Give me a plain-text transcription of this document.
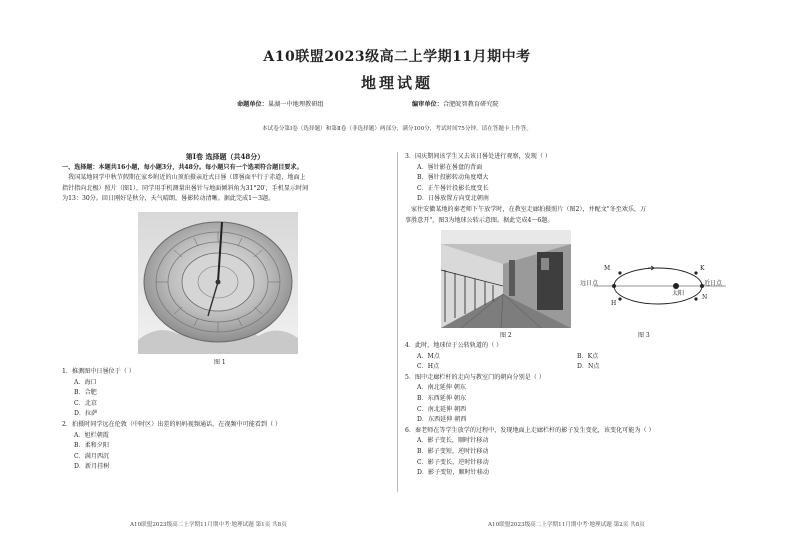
A10联盟2023级高二上学期11月期中考
地理试题
命题单位：巢湖一中地理教研组	编审单位：合肥皖智教育研究院
本试卷分第Ⅰ卷（选择题）和第Ⅱ卷（非选择题）两部分，满分100分，考试时间75分钟。请在答题卡上作答。

第Ⅰ卷 选择题（共48分）

一、选择题：本题共16小题，每小题3分，共48分。每小题只有一个选项符合题目要求。

我国某地同学中秋节假期在家乡附近的山顶拍摄亲近式日晷（即晷面平行于赤道，地面上

指针指向北极）照片（图1），同学用手机测量出晷针与地面倾斜角为31°20′，手机显示时间

为13：30分。回日刚好是秋分，天气晴朗，晷影转动清晰。据此完成1～3题。

图 1

1．推测图中日晷位于（ ）

A．海口

B．合肥

C．北京

D．拉萨

2．拍摄时同学远在伦敦（中时区）出差的妈妈视频通话，在视频中可能看到（ ）

A．旭栏朝霞

B．柔和夕阳

C．满月西沉

D．新月挂树

3．国庆期间该学生又去该日晷处进行观察，发现（ ）

A．晷针影在晷盘的背面

B．晷针投影转动角度增大

C．正午晷针投影长度变长

D．日晷放置方向变北朝南

家住安徽某地的秦老师下午放学时，在教室走廊拍摄照片（图2），并配文"冬至欢乐，万

事胜意开"，图3为地球公转示意图。据此完成4～6题。

图 2
M	K
H
N
远日点	近日点
太阳
图 3

4．此时，地球位于公转轨道的（ ）

A．M点	B．K点

C．H点	D．N点

5．图中走廊栏杆的走向与教室门的朝向分别是（ ）

A．南北延伸 朝东

B．东西延伸 朝东

C．南北延伸 朝西

D．东西延伸 朝西

6．秦老师在等学生放学的过程中，发现地面上走廊栏杆的影子发生变化，该变化可能为（ ）

A．影子变长，顺时针移动

B．影子变短，逆时针移动

C．影子变长，逆时针移动

D．影子变短，顺时针移动

A10联盟2023级高二上学期11月期中考·地理试题 第1页 共8页	A10联盟2023级高二上学期11月期中考·地理试题 第2页 共8页
